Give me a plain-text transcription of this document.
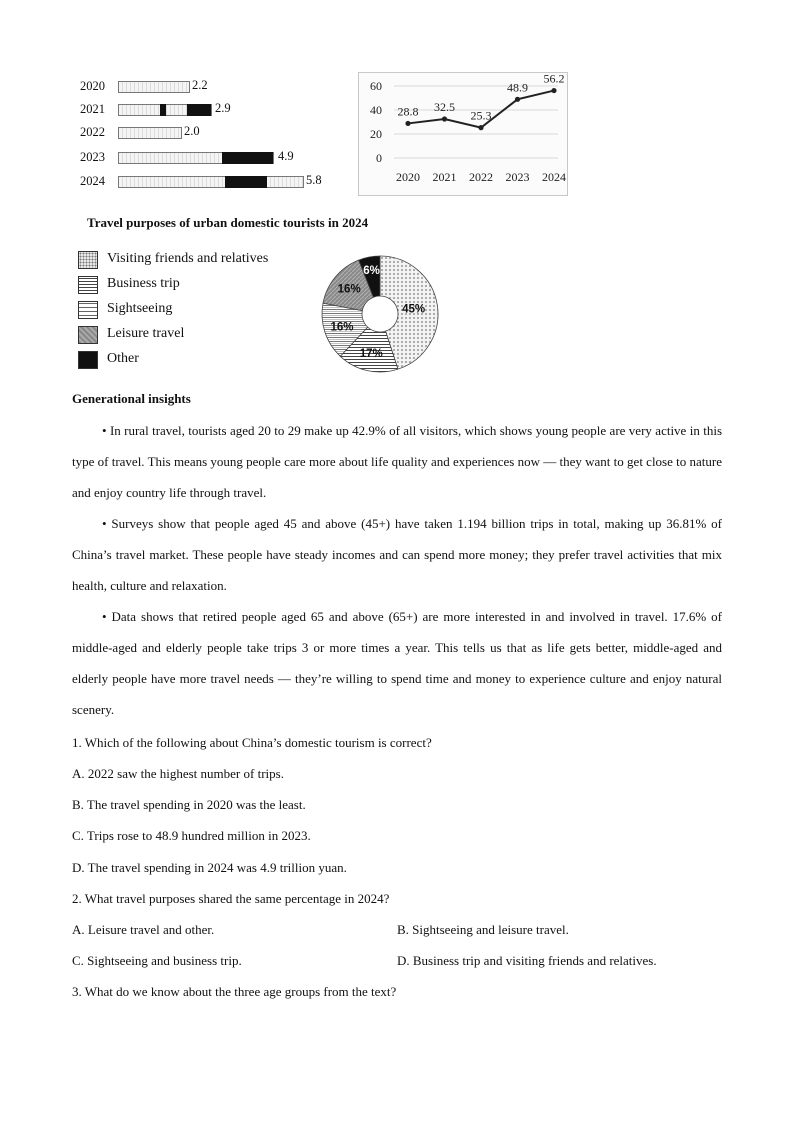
2020	2.2
2021	2.9
2022	2.0
2023	4.9
2024	5.8
0
20
40
60
2020 2021 2022 2023 2024
28.8 32.5
25.3
48.9
56.2
Travel purposes of urban domestic tourists in 2024
Visiting friends and relatives
Business trip
Sightseeing
Leisure travel
Other
45%
17%
16%
16%
6%
Generational insights
• In rural travel, tourists aged 20 to 29 make up 42.9% of all visitors, which shows young people are very active in this type of travel. This means young people care more about life quality and experiences now — they want to get close to nature and enjoy country life through travel.
• Surveys show that people aged 45 and above (45+) have taken 1.194 billion trips in total, making up 36.81% of China’s travel market. These people have steady incomes and can spend more money; they prefer travel activities that mix health, culture and relaxation.
• Data shows that retired people aged 65 and above (65+) are more interested in and involved in travel. 17.6% of middle-aged and elderly people take trips 3 or more times a year. This tells us that as life gets better, middle-aged and elderly people have more travel needs — they’re willing to spend time and money to experience culture and enjoy natural scenery.
1. Which of the following about China’s domestic tourism is correct?
A. 2022 saw the highest number of trips.
B. The travel spending in 2020 was the least.
C. Trips rose to 48.9 hundred million in 2023.
D. The travel spending in 2024 was 4.9 trillion yuan.
2. What travel purposes shared the same percentage in 2024?
A. Leisure travel and other.	B. Sightseeing and leisure travel.
C. Sightseeing and business trip.	D. Business trip and visiting friends and relatives.
3. What do we know about the three age groups from the text?
